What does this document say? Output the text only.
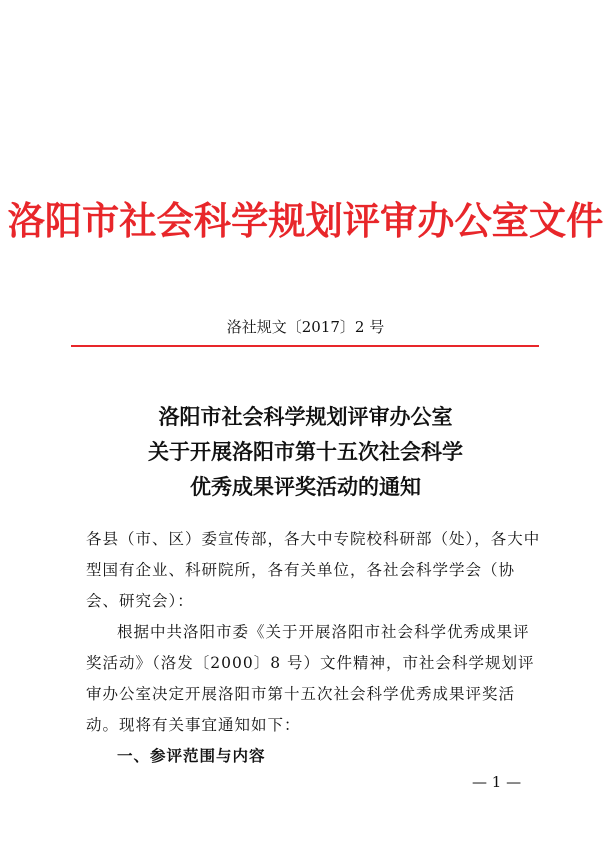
洛阳市社会科学规划评审办公室文件
洛社规文〔2017〕2 号
洛阳市社会科学规划评审办公室
关于开展洛阳市第十五次社会科学
优秀成果评奖活动的通知

各县（市、区）委宣传部，各大中专院校科研部（处），各大中型国有企业、科研院所，各有关单位，各社会科学学会（协会、研究会）：

根据中共洛阳市委《关于开展洛阳市社会科学优秀成果评奖活动》（洛发〔2000〕8 号）文件精神，市社会科学规划评审办公室决定开展洛阳市第十五次社会科学优秀成果评奖活动。现将有关事宜通知如下：

一、参评范围与内容

— 1 —
